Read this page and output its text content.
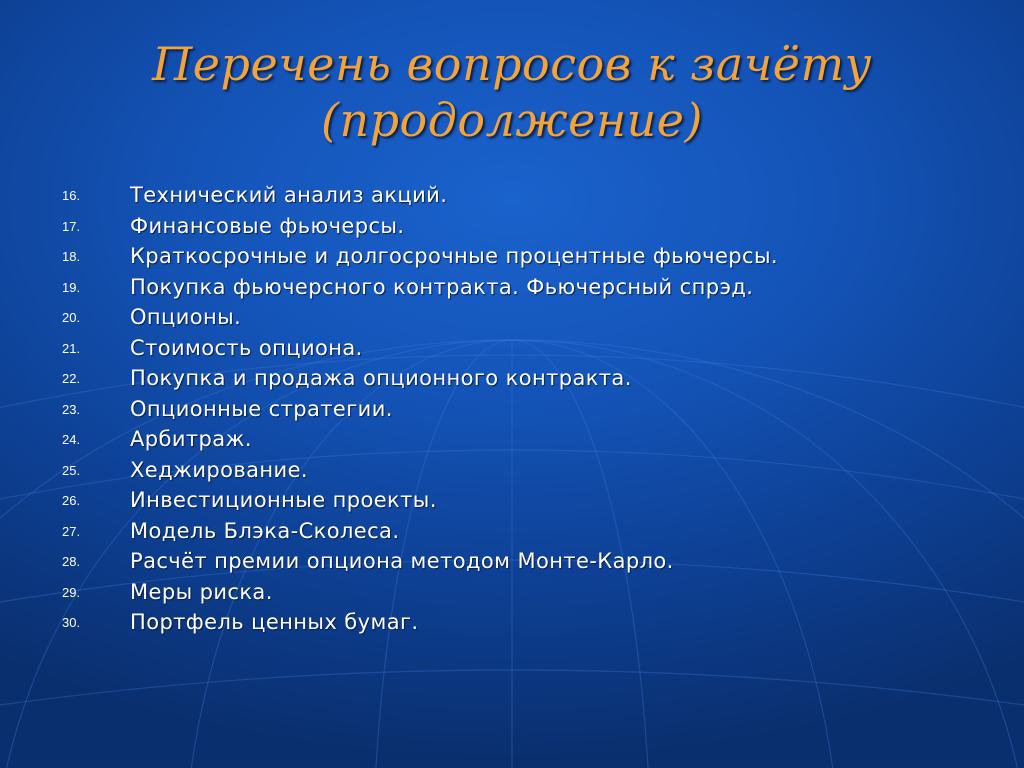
Перечень вопросов к зачёту
(продолжение)
16. Технический анализ акций.
17. Финансовые фьючерсы.
18. Краткосрочные и долгосрочные процентные фьючерсы.
19. Покупка фьючерсного контракта. Фьючерсный спрэд.
20. Опционы.
21. Стоимость опциона.
22. Покупка и продажа опционного контракта.
23. Опционные стратегии.
24. Арбитраж.
25. Хеджирование.
26. Инвестиционные проекты.
27. Модель Блэка-Сколеса.
28. Расчёт премии опциона методом Монте-Карло.
29. Меры риска.
30. Портфель ценных бумаг.
